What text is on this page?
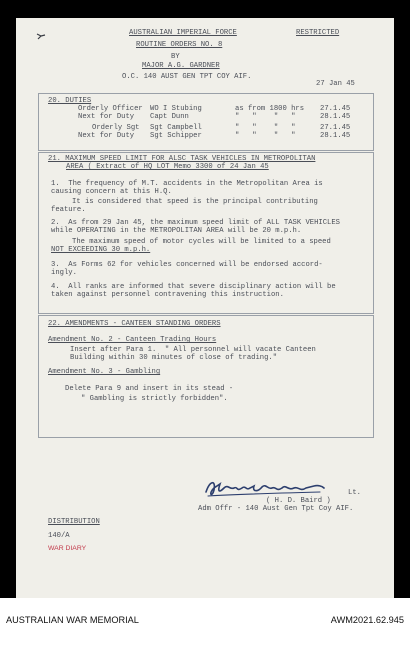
AUSTRALIAN IMPERIAL FORCE	RESTRICTED
ROUTINE ORDERS NO. 8
BY
MAJOR A.G. GARDNER
O.C. 140 AUST GEN TPT COY AIF.
27 Jan 45
20. DUTIES
Orderly Officer WO I Stubing	as from 1800 hrs 27.1.45
Next for Duty Capt Dunn	"   "    "   "	28.1.45
Orderly Sgt Sgt Campbell	"   "    "   "	27.1.45
Next for Duty Sgt Schipper	"   "    "   "	28.1.45
21. MAXIMUM SPEED LIMIT FOR ALSC TASK VEHICLES IN METROPOLITAN
AREA ( Extract of HQ LOT Memo 3300 of 24 Jan 45
1.  The frequency of M.T. accidents in the Metropolitan Area is
causing concern at this H.Q.
It is considered that speed is the principal contributing
feature.
2.  As from 29 Jan 45, the maximum speed limit of ALL TASK VEHICLES
while OPERATING in the METROPOLITAN AREA will be 20 m.p.h.
The maximum speed of motor cycles will be limited to a speed
NOT EXCEEDING 30 m.p.h.
3.  As Forms 62 for vehicles concerned will be endorsed accord-
ingly.
4.  All ranks are informed that severe disciplinary action will be
taken against personnel contravening this instruction.
22. AMENDMENTS - CANTEEN STANDING ORDERS
Amendment No. 2 - Canteen Trading Hours
Insert after Para 1.  " All personnel will vacate Canteen
Building within 30 minutes of close of trading."
Amendment No. 3 - Gambling
Delete Para 9 and insert in its stead -
" Gambling is strictly forbidden".
Lt.
( H. D. Baird )
Adm Offr - 140 Aust Gen Tpt Coy AIF.
DISTRIBUTION
140/A
WAR DIARY
AUSTRALIAN WAR MEMORIAL	AWM2021.62.945
